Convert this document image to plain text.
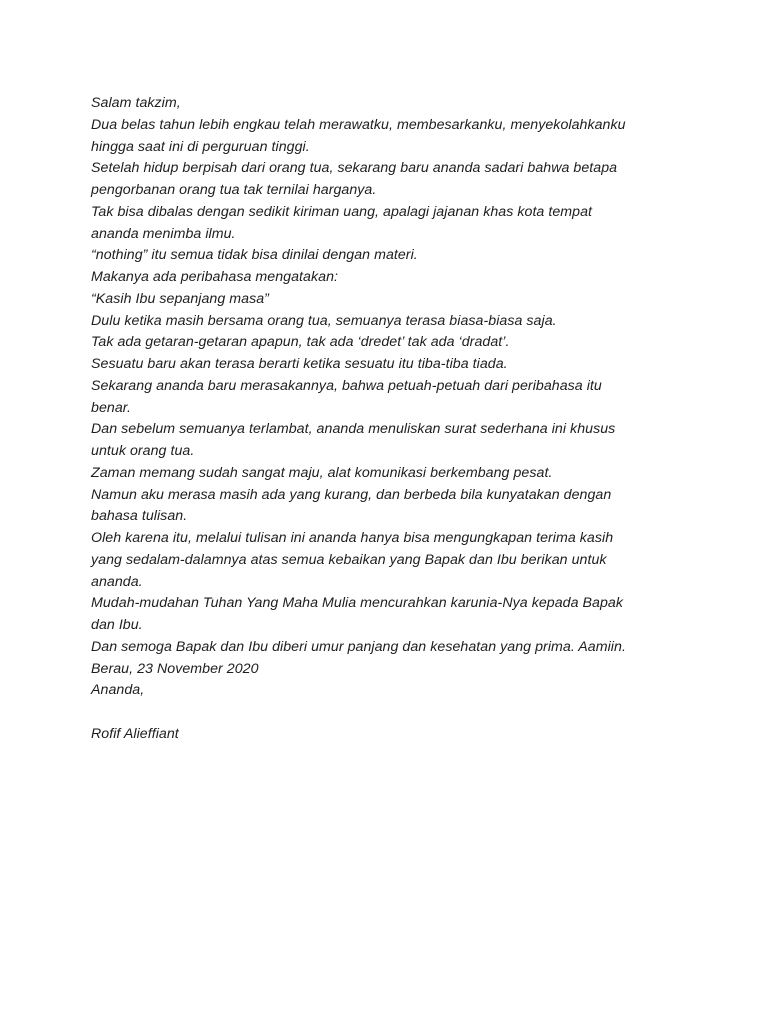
Salam takzim,
Dua belas tahun lebih engkau telah merawatku, membesarkanku, menyekolahkanku
hingga saat ini di perguruan tinggi.
Setelah hidup berpisah dari orang tua, sekarang baru ananda sadari bahwa betapa
pengorbanan orang tua tak ternilai harganya.
Tak bisa dibalas dengan sedikit kiriman uang, apalagi jajanan khas kota tempat
ananda menimba ilmu.
“nothing” itu semua tidak bisa dinilai dengan materi.
Makanya ada peribahasa mengatakan:
“Kasih Ibu sepanjang masa”
Dulu ketika masih bersama orang tua, semuanya terasa biasa-biasa saja.
Tak ada getaran-getaran apapun, tak ada ‘dredet’ tak ada ‘dradat’.
Sesuatu baru akan terasa berarti ketika sesuatu itu tiba-tiba tiada.
Sekarang ananda baru merasakannya, bahwa petuah-petuah dari peribahasa itu
benar.
Dan sebelum semuanya terlambat, ananda menuliskan surat sederhana ini khusus
untuk orang tua.
Zaman memang sudah sangat maju, alat komunikasi berkembang pesat.
Namun aku merasa masih ada yang kurang, dan berbeda bila kunyatakan dengan
bahasa tulisan.
Oleh karena itu, melalui tulisan ini ananda hanya bisa mengungkapan terima kasih
yang sedalam-dalamnya atas semua kebaikan yang Bapak dan Ibu berikan untuk
ananda.
Mudah-mudahan Tuhan Yang Maha Mulia mencurahkan karunia-Nya kepada Bapak
dan Ibu.
Dan semoga Bapak dan Ibu diberi umur panjang dan kesehatan yang prima. Aamiin.
Berau, 23 November 2020
Ananda,
Rofif Alieffiant
